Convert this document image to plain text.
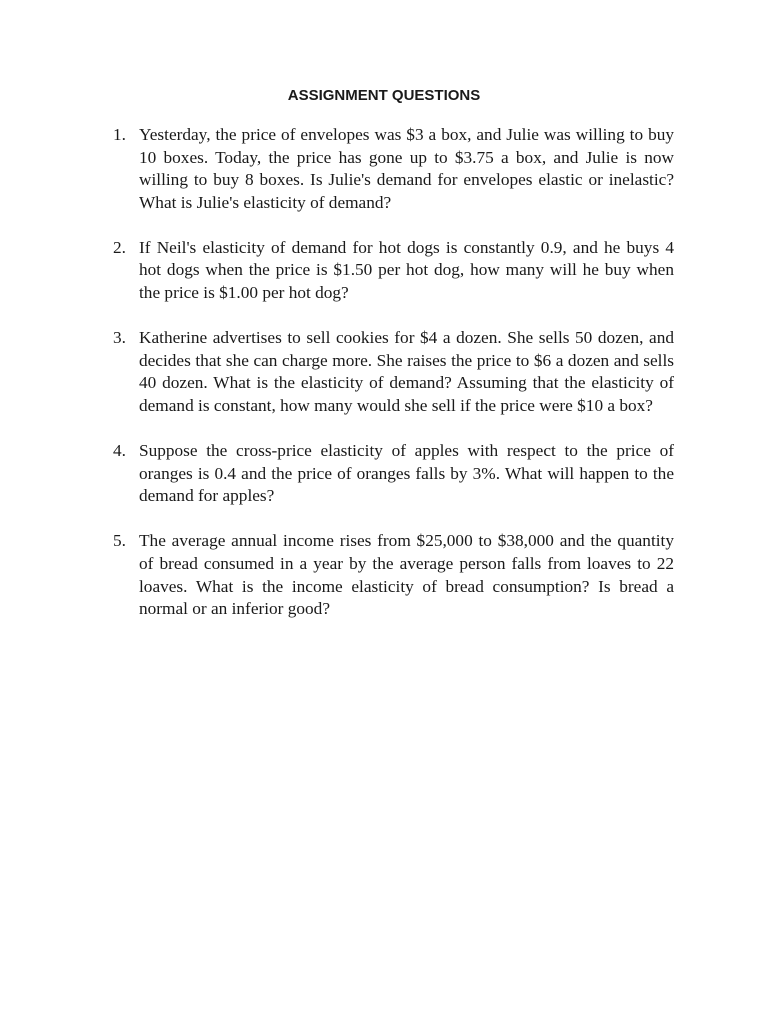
ASSIGNMENT QUESTIONS
1. Yesterday, the price of envelopes was $3 a box, and Julie was willing to buy 10 boxes. Today, the price has gone up to $3.75 a box, and Julie is now willing to buy 8 boxes. Is Julie's demand for envelopes elastic or inelastic? What is Julie's elasticity of demand?
2. If Neil's elasticity of demand for hot dogs is constantly 0.9, and he buys 4 hot dogs when the price is $1.50 per hot dog, how many will he buy when the price is $1.00 per hot dog?
3. Katherine advertises to sell cookies for $4 a dozen. She sells 50 dozen, and decides that she can charge more. She raises the price to $6 a dozen and sells 40 dozen. What is the elasticity of demand? Assuming that the elasticity of demand is constant, how many would she sell if the price were $10 a box?
4. Suppose the cross-price elasticity of apples with respect to the price of oranges is 0.4 and the price of oranges falls by 3%. What will happen to the demand for apples?
5. The average annual income rises from $25,000 to $38,000 and the quantity of bread consumed in a year by the average person falls from loaves to 22 loaves. What is the income elasticity of bread consumption? Is bread a normal or an inferior good?
